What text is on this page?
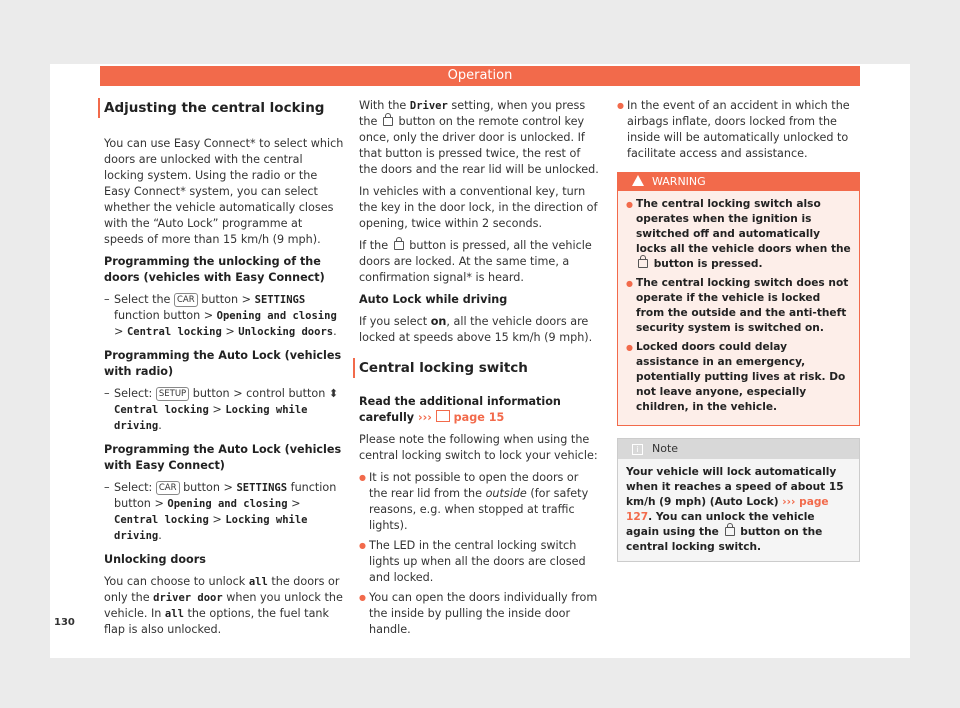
Operation
Adjusting the central locking

You can use Easy Connect* to select which doors are unlocked with the central locking system. Using the radio or the Easy Connect* system, you can select whether the vehicle automatically closes with the “Auto Lock” programme at speeds of more than 15 km/h (9 mph).

Programming the unlocking of the doors (vehicles with Easy Connect)

– Select the CAR button > SETTINGS function button > Opening and closing > Central locking > Unlocking doors.

Programming the Auto Lock (vehicles with radio)

– Select: SETUP button > control button ⬍ Central locking > Locking while driving.

Programming the Auto Lock (vehicles with Easy Connect)

– Select: CAR button > SETTINGS function button > Opening and closing > Central locking > Locking while driving.

Unlocking doors

You can choose to unlock all the doors or only the driver door when you unlock the vehicle. In all the options, the fuel tank flap is also unlocked.

With the Driver setting, when you press the button on the remote control key once, only the driver door is unlocked. If that button is pressed twice, the rest of the doors and the rear lid will be unlocked.

In vehicles with a conventional key, turn the key in the door lock, in the direction of opening, twice within 2 seconds.

If the button is pressed, all the vehicle doors are locked. At the same time, a confirmation signal* is heard.

Auto Lock while driving

If you select on, all the vehicle doors are locked at speeds above 15 km/h (9 mph).

Central locking switch

Read the additional information carefully ››› page 15

Please note the following when using the central locking switch to lock your vehicle:

● It is not possible to open the doors or the rear lid from the outside (for safety reasons, e.g. when stopped at traffic lights).
● The LED in the central locking switch lights up when all the doors are closed and locked.
● You can open the doors individually from the inside by pulling the inside door handle.
● In the event of an accident in which the airbags inflate, doors locked from the inside will be automatically unlocked to facilitate access and assistance.
WARNING
● The central locking switch also operates when the ignition is switched off and automatically locks all the vehicle doors when the  button is pressed.
● The central locking switch does not operate if the vehicle is locked from the outside and the anti-theft security system is switched on.
● Locked doors could delay assistance in an emergency, potentially putting lives at risk. Do not leave anyone, especially children, in the vehicle.
i	Note
Your vehicle will lock automatically when it reaches a speed of about 15 km/h (9 mph) (Auto Lock) ››› page 127. You can unlock the vehicle again using the button on the central locking switch.
130
